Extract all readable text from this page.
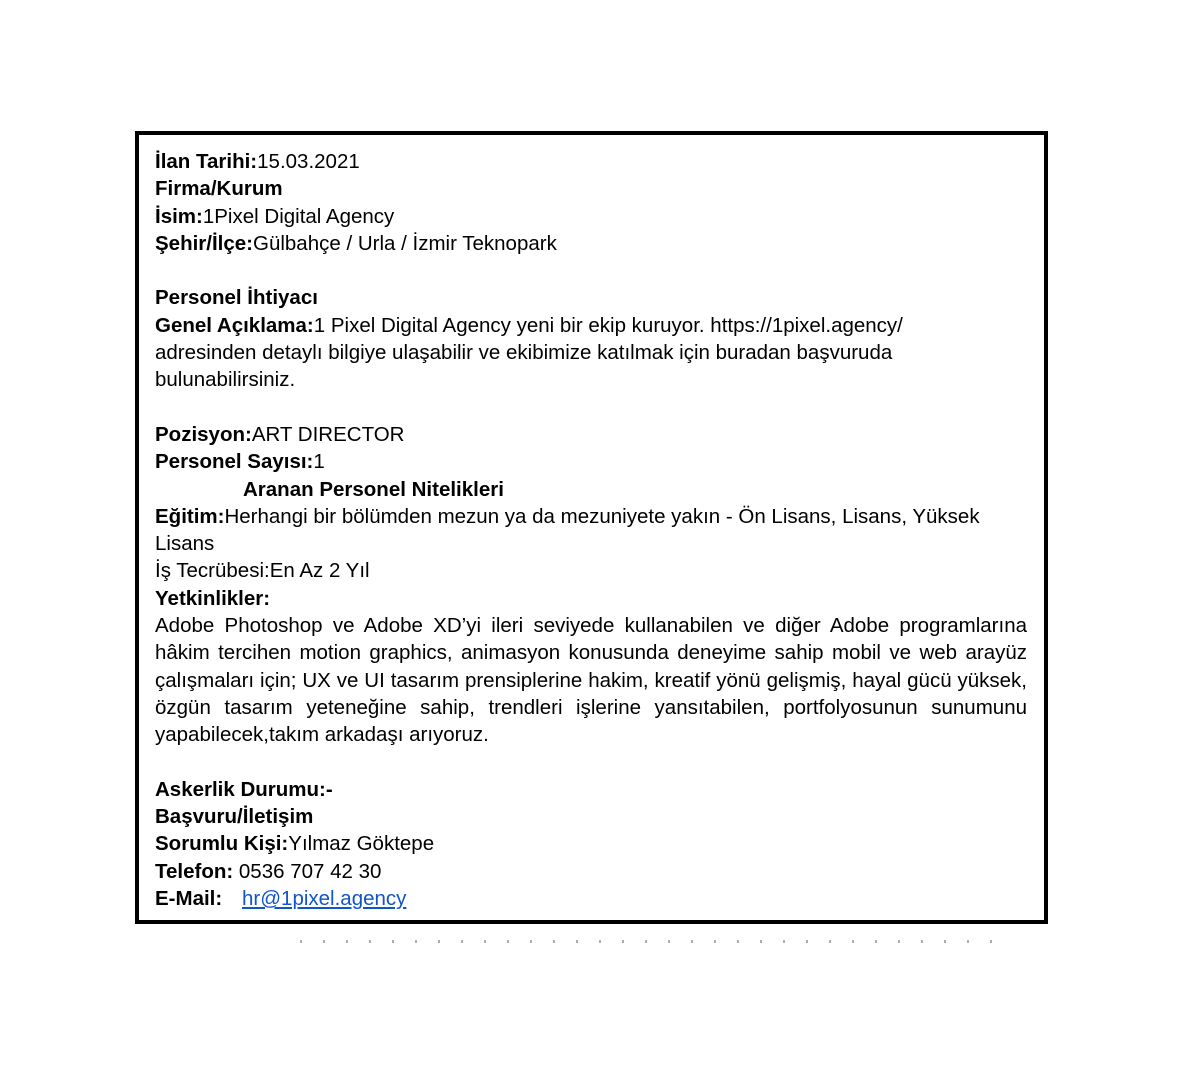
İlan Tarihi:15.03.2021
Firma/Kurum
İsim:1Pixel Digital Agency
Şehir/İlçe:Gülbahçe / Urla / İzmir Teknopark
Personel İhtiyacı
Genel Açıklama:1 Pixel Digital Agency yeni bir ekip kuruyor. https://1pixel.agency/
adresinden detaylı bilgiye ulaşabilir ve ekibimize katılmak için buradan başvuruda
bulunabilirsiniz.
Pozisyon:ART DIRECTOR
Personel Sayısı:1
Aranan Personel Nitelikleri
Eğitim:Herhangi bir bölümden mezun ya da mezuniyete yakın - Ön Lisans, Lisans, Yüksek
Lisans
İş Tecrübesi:En Az 2 Yıl
Yetkinlikler:
Adobe Photoshop ve Adobe XD’yi ileri seviyede kullanabilen ve diğer Adobe programlarına hâkim tercihen motion graphics, animasyon konusunda deneyime sahip mobil ve web arayüz çalışmaları için; UX ve UI tasarım prensiplerine hakim, kreatif yönü gelişmiş, hayal gücü yüksek, özgün tasarım yeteneğine sahip, trendleri işlerine yansıtabilen, portfolyosunun sunumunu yapabilecek,takım arkadaşı arıyoruz.
Askerlik Durumu:-
Başvuru/İletişim
Sorumlu Kişi:Yılmaz Göktepe
Telefon: 0536 707 42 30
E-Mail: hr@1pixel.agency
